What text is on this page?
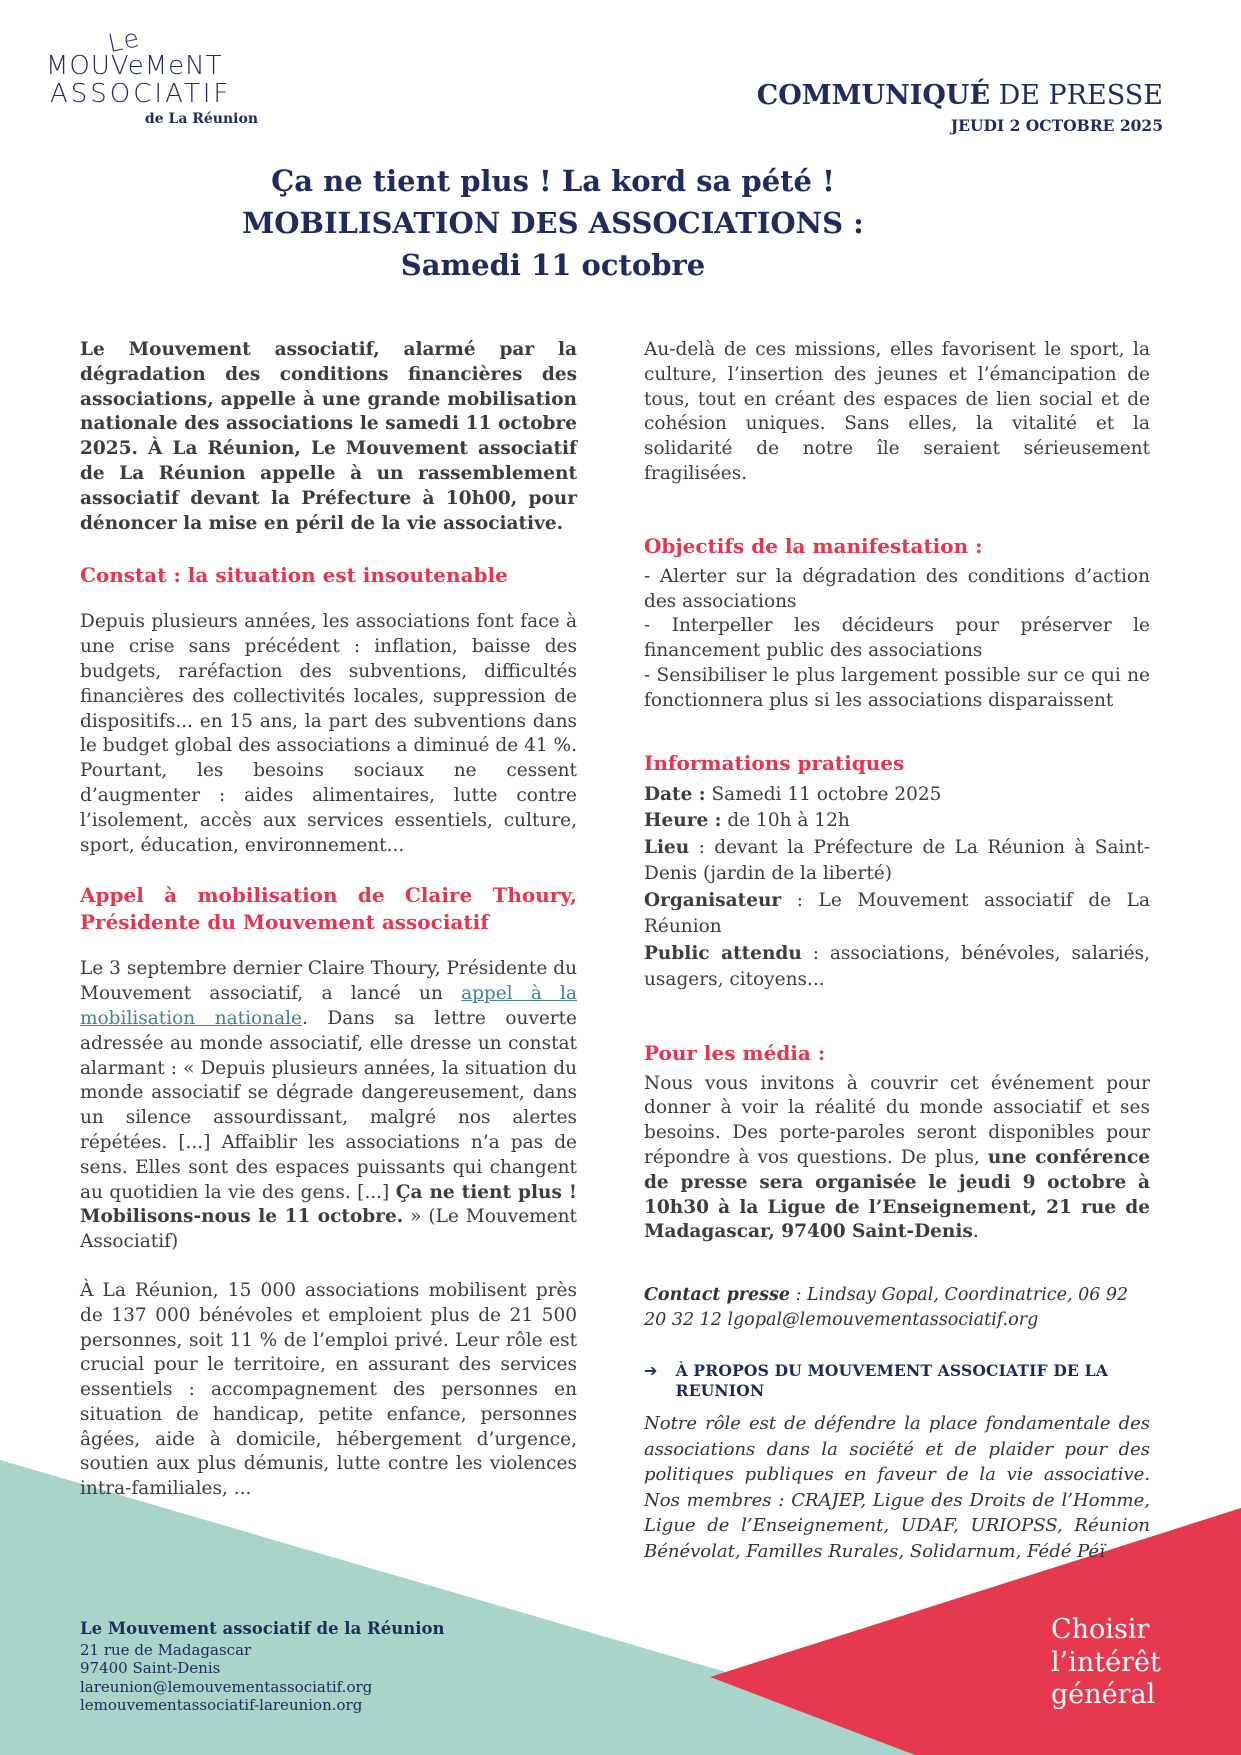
Le
MOUVeMeNT
ASSOCIATIF
de La Réunion
COMMUNIQUÉ DE PRESSE
JEUDI 2 OCTOBRE 2025
Ça ne tient plus ! La kord sa pété !
MOBILISATION DES ASSOCIATIONS :
Samedi 11 octobre

Le Mouvement associatif, alarmé par la dégradation des conditions financières des associations, appelle à une grande mobilisation nationale des associations le samedi 11 octobre 2025. À La Réunion, Le Mouvement associatif de La Réunion appelle à un rassemblement associatif devant la Préfecture à 10h00, pour dénoncer la mise en péril de la vie associative.

Constat : la situation est insoutenable

Depuis plusieurs années, les associations font face à une crise sans précédent : inflation, baisse des budgets, raréfaction des subventions, difficultés financières des collectivités locales, suppression de dispositifs... en 15 ans, la part des subventions dans le budget global des associations a diminué de 41 %. Pourtant, les besoins sociaux ne cessent d’augmenter : aides alimentaires, lutte contre l’isolement, accès aux services essentiels, culture, sport, éducation, environnement...

Appel à mobilisation de Claire Thoury, Présidente du Mouvement associatif

Le 3 septembre dernier Claire Thoury, Présidente du Mouvement associatif, a lancé un appel à la mobilisation nationale. Dans sa lettre ouverte adressée au monde associatif, elle dresse un constat alarmant : « Depuis plusieurs années, la situation du monde associatif se dégrade dangereusement, dans un silence assourdissant, malgré nos alertes répétées. [...] Affaiblir les associations n’a pas de sens. Elles sont des espaces puissants qui changent au quotidien la vie des gens. [...] Ça ne tient plus ! Mobilisons-nous le 11 octobre. » (Le Mouvement Associatif)

À La Réunion, 15 000 associations mobilisent près de 137 000 bénévoles et emploient plus de 21 500 personnes, soit 11 % de l’emploi privé. Leur rôle est crucial pour le territoire, en assurant des services essentiels : accompagnement des personnes en situation de handicap, petite enfance, personnes âgées, aide à domicile, hébergement d’urgence, soutien aux plus démunis, lutte contre les violences intra-familiales, ...

Au-delà de ces missions, elles favorisent le sport, la culture, l’insertion des jeunes et l’émancipation de tous, tout en créant des espaces de lien social et de cohésion uniques. Sans elles, la vitalité et la solidarité de notre île seraient sérieusement fragilisées.

Objectifs de la manifestation :
- Alerter sur la dégradation des conditions d’action des associations
- Interpeller les décideurs pour préserver le financement public des associations
- Sensibiliser le plus largement possible sur ce qui ne fonctionnera plus si les associations disparaissent
Informations pratiques
Date : Samedi 11 octobre 2025
Heure : de 10h à 12h
Lieu : devant la Préfecture de La Réunion à Saint-Denis (jardin de la liberté)
Organisateur : Le Mouvement associatif de La Réunion
Public attendu : associations, bénévoles, salariés, usagers, citoyens...
Pour les média :

Nous vous invitons à couvrir cet événement pour donner à voir la réalité du monde associatif et ses besoins. Des porte-paroles seront disponibles pour répondre à vos questions. De plus, une conférence de presse sera organisée le jeudi 9 octobre à 10h30 à la Ligue de l’Enseignement, 21 rue de Madagascar, 97400 Saint-Denis.

Contact presse : Lindsay Gopal, Coordinatrice, 06 92 20 32 12 lgopal@lemouvementassociatif.org
➔ À PROPOS DU MOUVEMENT ASSOCIATIF DE LA REUNION
Notre rôle est de défendre la place fondamentale des associations dans la société et de plaider pour des politiques publiques en faveur de la vie associative. Nos membres : CRAJEP, Ligue des Droits de l’Homme, Ligue de l’Enseignement, UDAF, URIOPSS, Réunion Bénévolat, Familles Rurales, Solidarnum, Fédé Péï
Le Mouvement associatif de la Réunion
21 rue de Madagascar
97400 Saint-Denis
lareunion@lemouvementassociatif.org
lemouvementassociatif-lareunion.org
Choisir
l’intérêt
général
